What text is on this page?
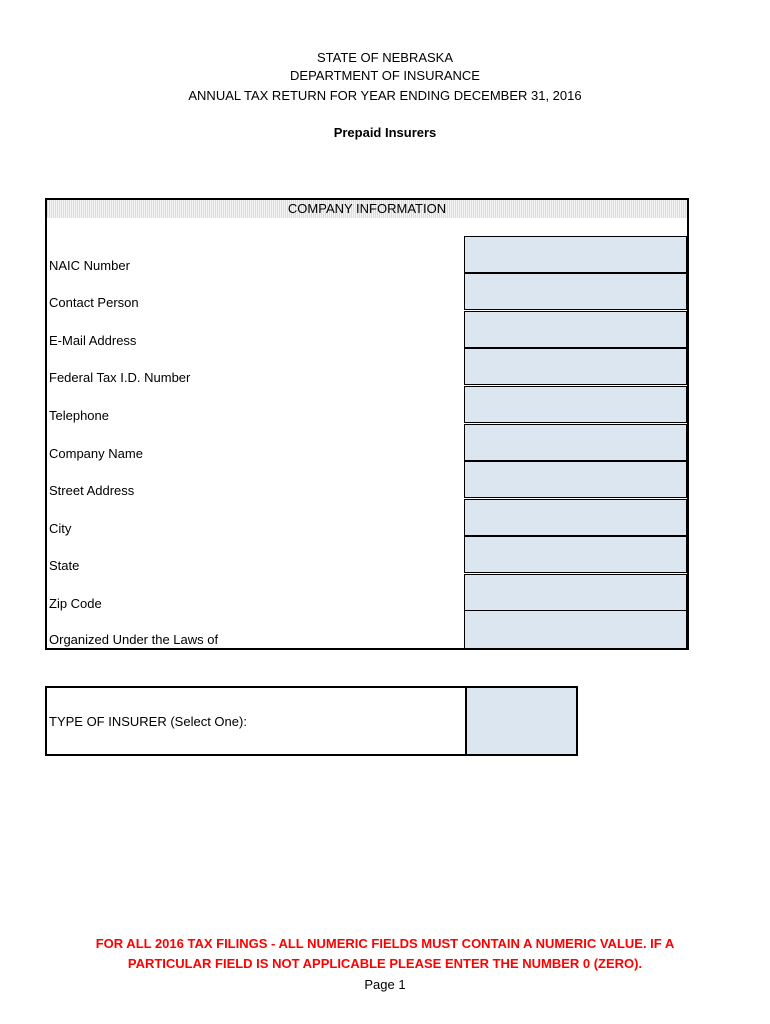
STATE OF NEBRASKA
DEPARTMENT OF INSURANCE
ANNUAL TAX RETURN FOR YEAR ENDING DECEMBER 31, 2016
Prepaid Insurers
COMPANY INFORMATION
NAIC Number
Contact Person
E-Mail Address
Federal Tax I.D. Number
Telephone
Company Name
Street Address
City
State
Zip Code
Organized Under the Laws of
TYPE OF INSURER (Select One):
FOR ALL 2016 TAX FILINGS - ALL NUMERIC FIELDS MUST CONTAIN A NUMERIC VALUE. IF A
PARTICULAR FIELD IS NOT APPLICABLE PLEASE ENTER THE NUMBER 0 (ZERO).
Page 1
